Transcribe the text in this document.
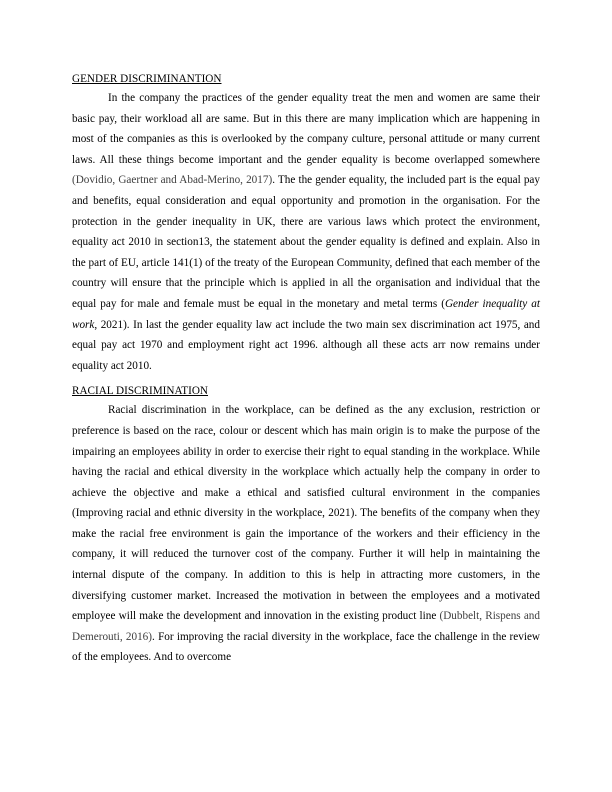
GENDER DISCRIMINANTION

In the company the practices of the gender equality treat the men and women are same their basic pay, their workload all are same. But in this there are many implication which are happening in most of the companies as this is overlooked by the company culture, personal attitude or many current laws. All these things become important and the gender equality is become overlapped somewhere (Dovidio, Gaertner and Abad-Merino, 2017). The the gender equality, the included part is the equal pay and benefits, equal consideration and equal opportunity and promotion in the organisation. For the protection in the gender inequality in UK, there are various laws which protect the environment, equality act 2010 in section13, the statement about the gender equality is defined and explain. Also in the part of EU, article 141(1) of the treaty of the European Community, defined that each member of the country will ensure that the principle which is applied in all the organisation and individual that the equal pay for male and female must be equal in the monetary and metal terms (Gender inequality at work, 2021). In last the gender equality law act include the two main sex discrimination act 1975, and equal pay act 1970 and employment right act 1996. although all these acts arr now remains under equality act 2010.

RACIAL DISCRIMINATION

Racial discrimination in the workplace, can be defined as the any exclusion, restriction or preference is based on the race, colour or descent which has main origin is to make the purpose of the impairing an employees ability in order to exercise their right to equal standing in the workplace. While having the racial and ethical diversity in the workplace which actually help the company in order to achieve the objective and make a ethical and satisfied cultural environment in the companies (Improving racial and ethnic diversity in the workplace, 2021). The benefits of the company when they make the racial free environment is gain the importance of the workers and their efficiency in the company, it will reduced the turnover cost of the company. Further it will help in maintaining the internal dispute of the company. In addition to this is help in attracting more customers, in the diversifying customer market. Increased the motivation in between the employees and a motivated employee will make the development and innovation in the existing product line (Dubbelt, Rispens and Demerouti, 2016). For improving the racial diversity in the workplace, face the challenge in the review of the employees. And to overcome
